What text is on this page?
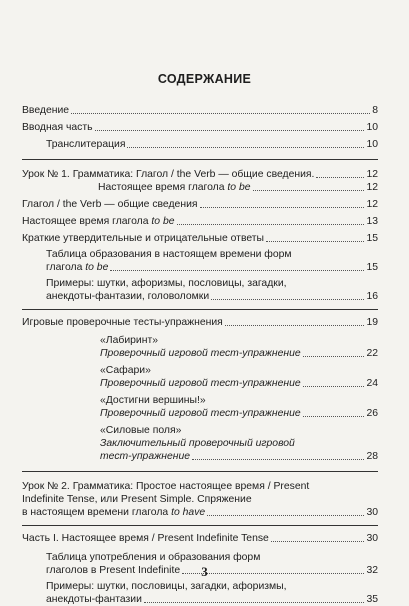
СОДЕРЖАНИЕ
Введение	8
Вводная часть	10
Транслитерация	10
Урок № 1. Грамматика: Глагол / the Verb — общие сведения.	12
Настоящее время глагола to be	12
Глагол / the Verb — общие сведения	12
Настоящее время глагола to be	13
Краткие утвердительные и отрицательные ответы	15
Таблица образования в настоящем времени форм
глагола to be	15
Примеры: шутки, афоризмы, пословицы, загадки,
анекдоты-фантазии, головоломки	16
Игровые проверочные тесты-упражнения	19
«Лабиринт»
Проверочный игровой тест-упражнение	22
«Сафари»
Проверочный игровой тест-упражнение	24
«Достигни вершины!»
Проверочный игровой тест-упражнение	26
«Силовые поля»
Заключительный проверочный игровой
тест-упражнение	28
Урок № 2. Грамматика: Простое настоящее время / Present
Indefinite Tense, или Present Simple. Спряжение
в настоящем времени глагола to have	30
Часть I. Настоящее время / Present Indefinite Tense	30
Таблица употребления и образования форм
глаголов в Present Indefinite	32
Примеры: шутки, пословицы, загадки, афоризмы,
анекдоты-фантазии	35
3
